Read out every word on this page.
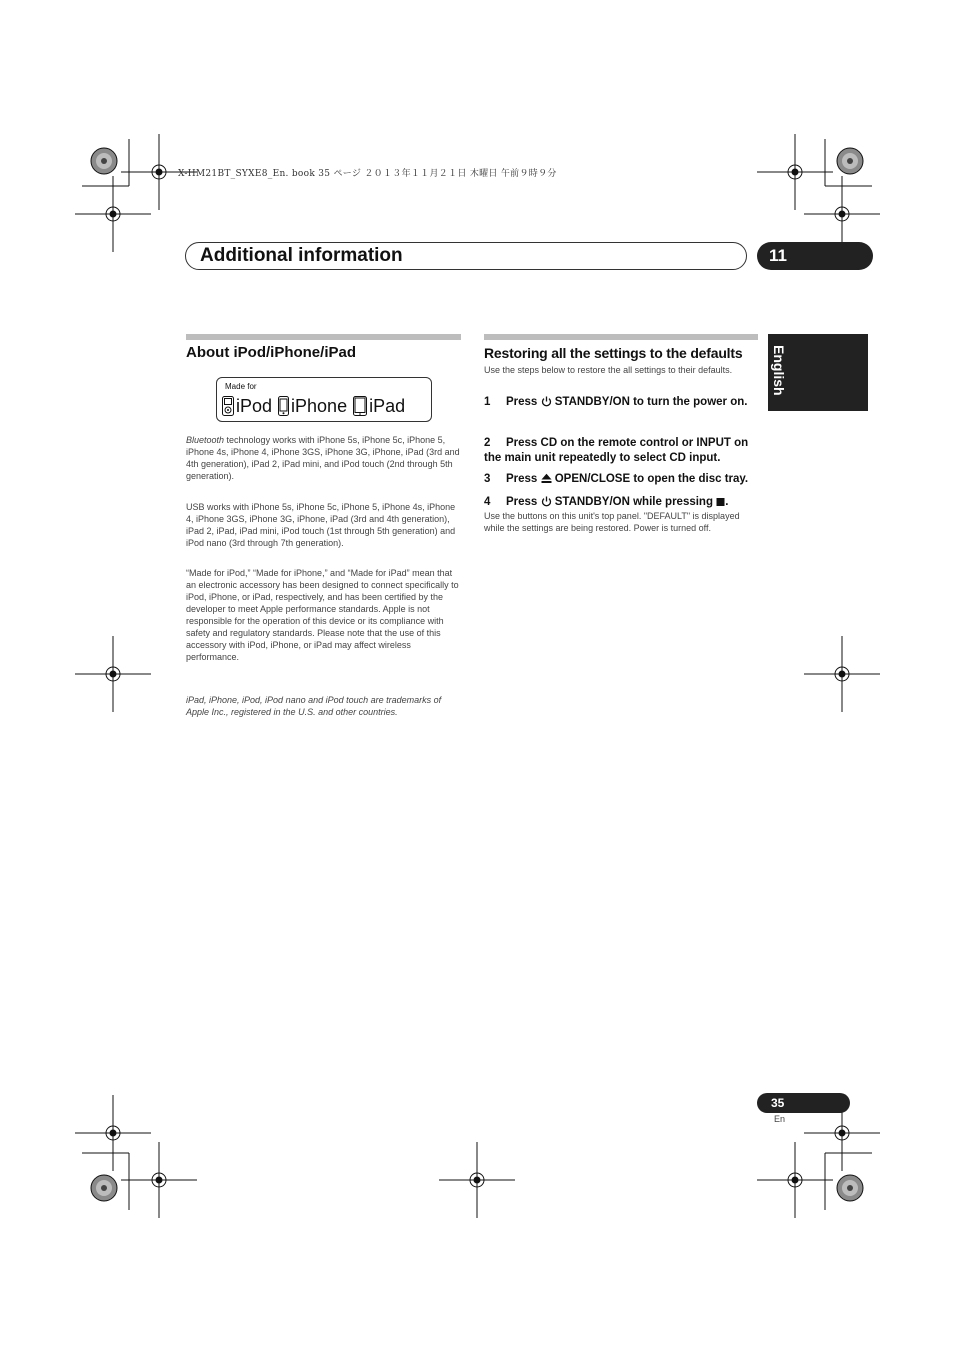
X-HM21BT_SYXE8_En. book 35 ページ ２０１３年１１月２１日 木曜日 午前９時９分
Additional information	11
English
About iPod/iPhone/iPad
Made for
iPod iPhone iPad
Bluetooth technology works with iPhone 5s, iPhone 5c, iPhone 5, iPhone 4s, iPhone 4, iPhone 3GS, iPhone 3G, iPhone, iPad (3rd and 4th generation), iPad 2, iPad mini, and iPod touch (2nd through 5th generation).
USB works with iPhone 5s, iPhone 5c, iPhone 5, iPhone 4s, iPhone 4, iPhone 3GS, iPhone 3G, iPhone, iPad (3rd and 4th generation), iPad 2, iPad, iPad mini, iPod touch (1st through 5th generation) and iPod nano (3rd through 7th generation).
“Made for iPod,” “Made for iPhone,” and “Made for iPad” mean that an electronic accessory has been designed to connect specifically to iPod, iPhone, or iPad, respectively, and has been certified by the developer to meet Apple performance standards. Apple is not responsible for the operation of this device or its compliance with safety and regulatory standards. Please note that the use of this accessory with iPod, iPhone, or iPad may affect wireless performance.
iPad, iPhone, iPod, iPod nano and iPod touch are trademarks of Apple Inc., registered in the U.S. and other countries.
Restoring all the settings to the defaults
Use the steps below to restore the all settings to their defaults.
1 Press  STANDBY/ON to turn the power on.
2 Press CD on the remote control or INPUT on the main unit repeatedly to select CD input.
3 Press  OPEN/CLOSE to open the disc tray.
4 Press  STANDBY/ON while pressing .
Use the buttons on this unit's top panel. "DEFAULT" is displayed while the settings are being restored. Power is turned off.
35
En
